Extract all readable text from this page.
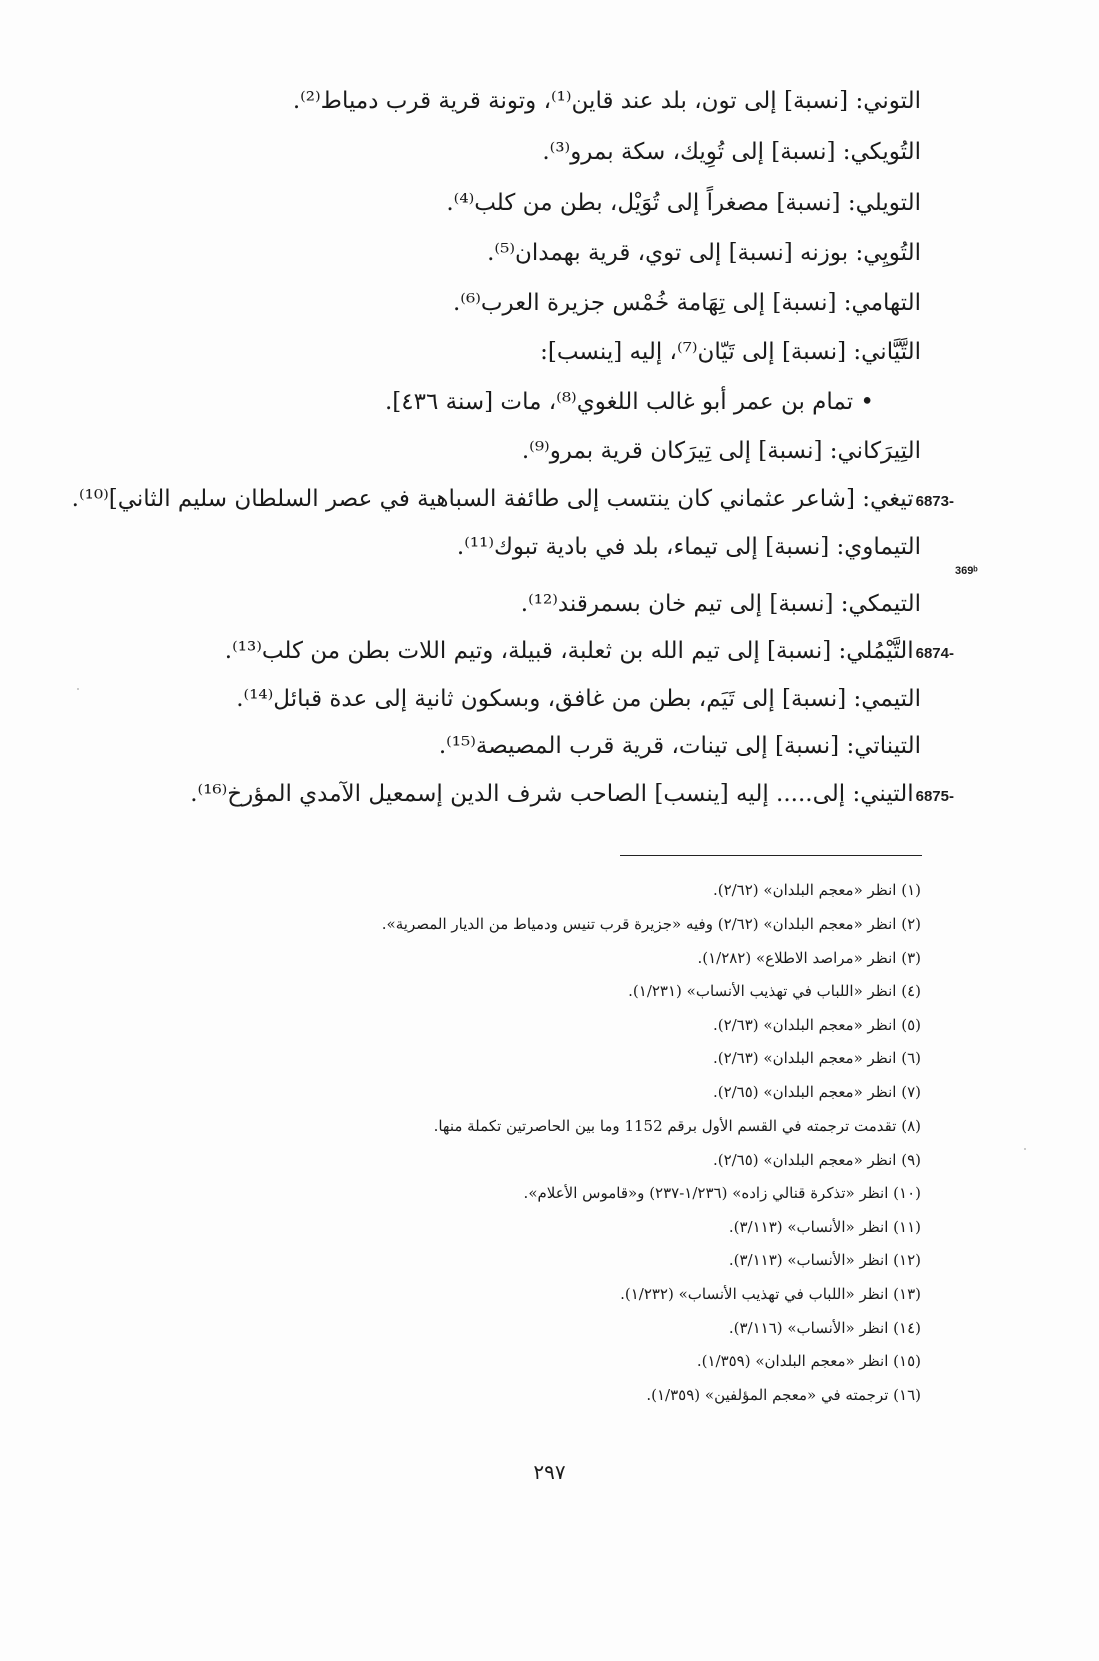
التوني: [نسبة] إلى تون، بلد عند قاين⁽¹⁾، وتونة قرية قرب دمياط⁽²⁾.
التُويكي: [نسبة] إلى تُوِيك، سكة بمرو⁽³⁾.
التويلي: [نسبة] مصغراً إلى تُوَيْل، بطن من كلب⁽⁴⁾.
التُويِي: بوزنه [نسبة] إلى توي، قرية بهمدان⁽⁵⁾.
التهامي: [نسبة] إلى تِهَامة خُمْس جزيرة العرب⁽⁶⁾.
التَّيَّاني: [نسبة] إلى تَيّان⁽⁷⁾، إليه [ينسب]:
• تمام بن عمر أبو غالب اللغوي⁽⁸⁾، مات [سنة ٤٣٦].
التِيرَكاني: [نسبة] إلى تِيرَكان قرية بمرو⁽⁹⁾.
6873-تيغي: [شاعر عثماني كان ينتسب إلى طائفة السباهية في عصر السلطان سليم الثاني]⁽¹⁰⁾.
التيماوي: [نسبة] إلى تيماء، بلد في بادية تبوك⁽¹¹⁾.
369ᵇ
التيمكي: [نسبة] إلى تيم خان بسمرقند⁽¹²⁾.
6874-التَّيْمُلي: [نسبة] إلى تيم الله بن ثعلبة، قبيلة، وتيم اللات بطن من كلب⁽¹³⁾.
التيمي: [نسبة] إلى تَيَم، بطن من غافق، وبسكون ثانية إلى عدة قبائل⁽¹⁴⁾.
التيناتي: [نسبة] إلى تينات، قرية قرب المصيصة⁽¹⁵⁾.
6875-التيني: إلى..... إليه [ينسب] الصاحب شرف الدين إسمعيل الآمدي المؤرخ⁽¹⁶⁾.
(١) انظر «معجم البلدان» (٢/٦٢).
(٢) انظر «معجم البلدان» (٢/٦٢) وفيه «جزيرة قرب تنيس ودمياط من الديار المصرية».
(٣) انظر «مراصد الاطلاع» (١/٢٨٢).
(٤) انظر «اللباب في تهذيب الأنساب» (١/٢٣١).
(٥) انظر «معجم البلدان» (٢/٦٣).
(٦) انظر «معجم البلدان» (٢/٦٣).
(٧) انظر «معجم البلدان» (٢/٦٥).
(٨) تقدمت ترجمته في القسم الأول برقم 1152 وما بين الحاصرتين تكملة منها.
(٩) انظر «معجم البلدان» (٢/٦٥).
(١٠) انظر «تذكرة قنالي زاده» (١/٢٣٦-٢٣٧) و«قاموس الأعلام».
(١١) انظر «الأنساب» (٣/١١٣).
(١٢) انظر «الأنساب» (٣/١١٣).
(١٣) انظر «اللباب في تهذيب الأنساب» (١/٢٣٢).
(١٤) انظر «الأنساب» (٣/١١٦).
(١٥) انظر «معجم البلدان» (١/٣٥٩).
(١٦) ترجمته في «معجم المؤلفين» (١/٣٥٩).
٢٩٧
